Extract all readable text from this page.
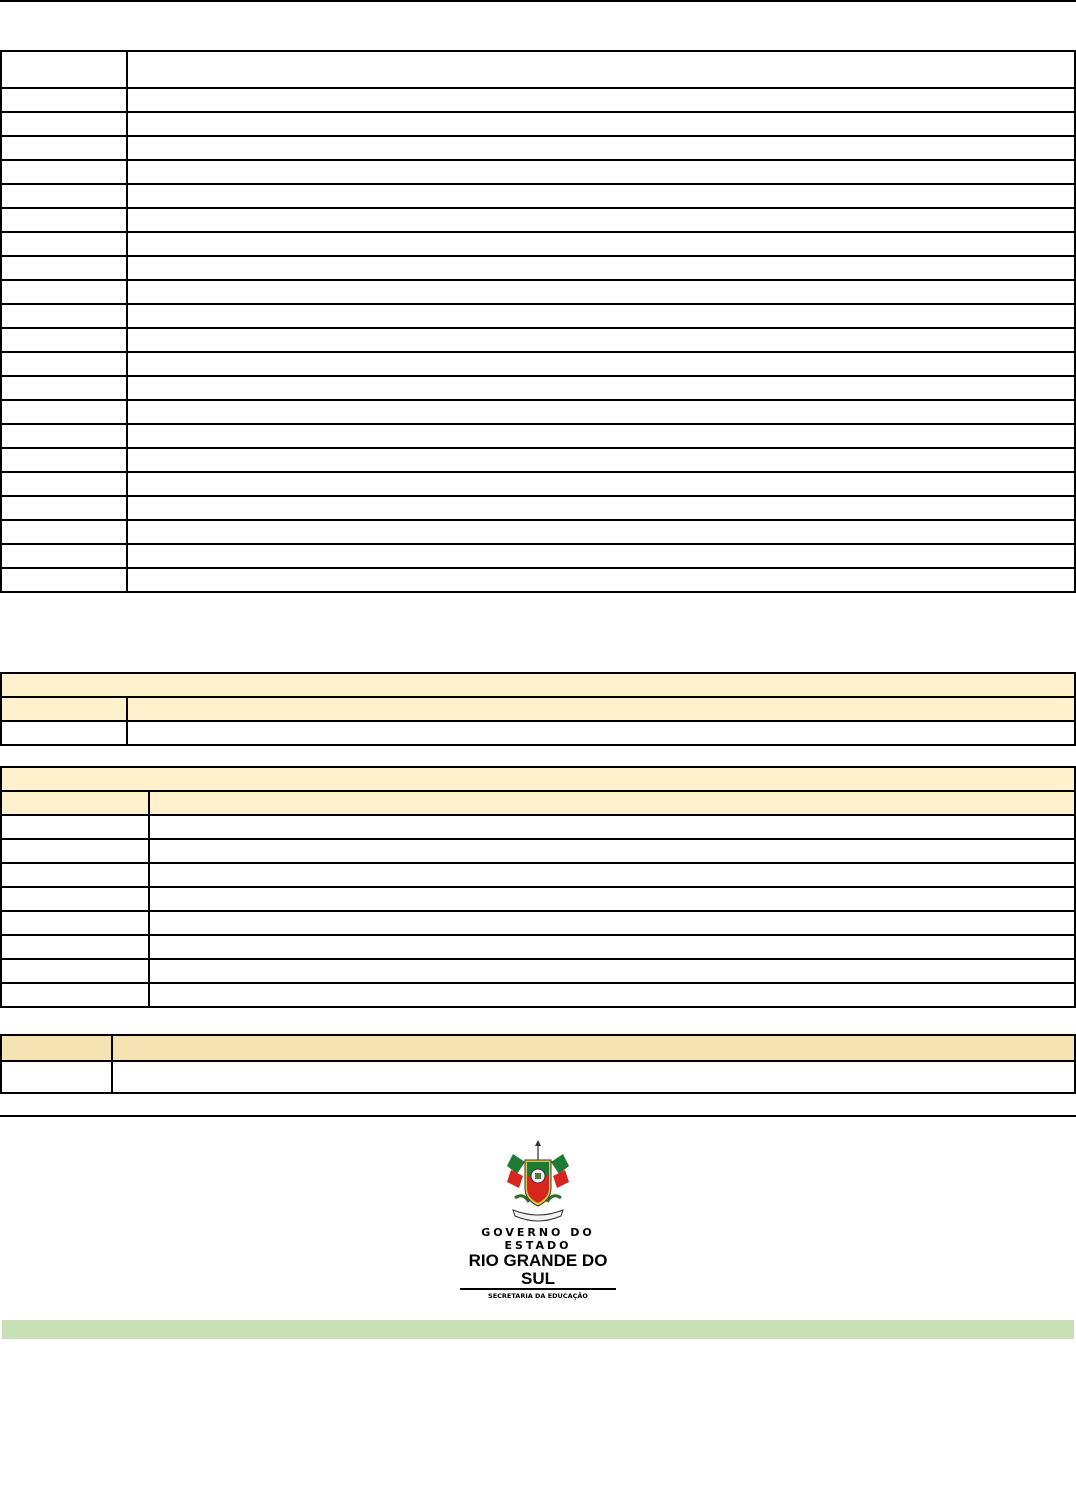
GOVERNO DO ESTADO
RIO GRANDE DO SUL
SECRETARIA DA EDUCAÇÃO
